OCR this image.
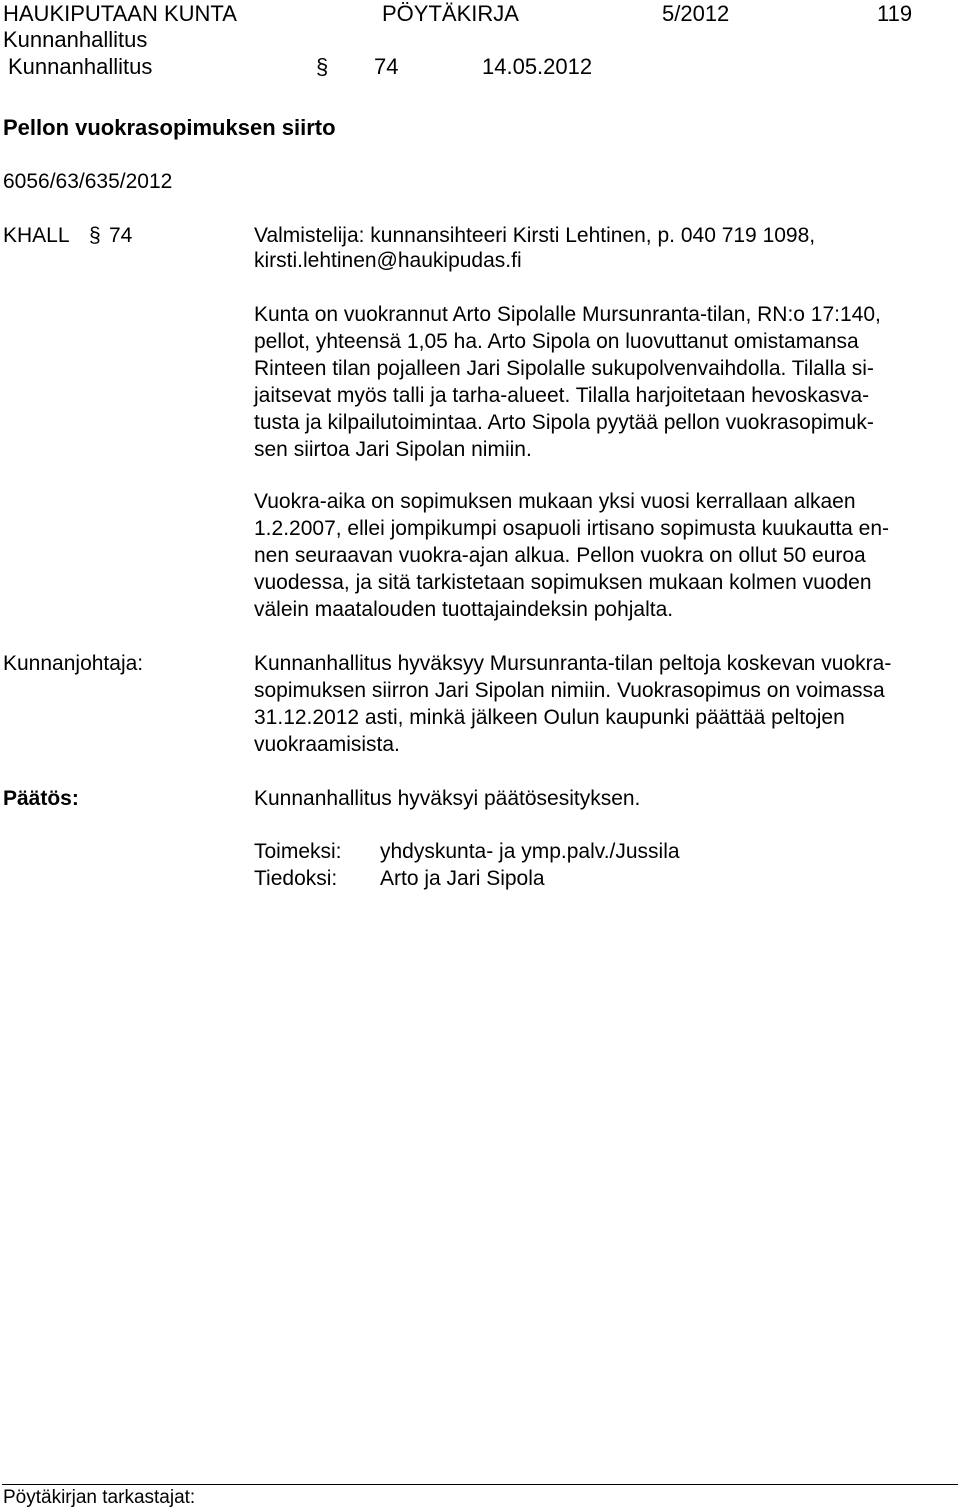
HAUKIPUTAAN KUNTA	PÖYTÄKIRJA	5/2012	119
Kunnanhallitus
Kunnanhallitus	§ 74	14.05.2012
Pellon vuokrasopimuksen siirto
6056/63/635/2012
KHALL § 74	Valmistelija: kunnansihteeri Kirsti Lehtinen, p. 040 719 1098,
kirsti.lehtinen@haukipudas.fi
Kunta on vuokrannut Arto Sipolalle Mursunranta-tilan, RN:o 17:140,
pellot, yhteensä 1,05 ha. Arto Sipola on luovuttanut omistamansa
Rinteen tilan pojalleen Jari Sipolalle sukupolvenvaihdolla. Tilalla si-
jaitsevat myös talli ja tarha-alueet. Tilalla harjoitetaan hevoskasva-
tusta ja kilpailutoimintaa. Arto Sipola pyytää pellon vuokrasopimuk-
sen siirtoa Jari Sipolan nimiin.
Vuokra-aika on sopimuksen mukaan yksi vuosi kerrallaan alkaen
1.2.2007, ellei jompikumpi osapuoli irtisano sopimusta kuukautta en-
nen seuraavan vuokra-ajan alkua. Pellon vuokra on ollut 50 euroa
vuodessa, ja sitä tarkistetaan sopimuksen mukaan kolmen vuoden
välein maatalouden tuottajaindeksin pohjalta.
Kunnanjohtaja:	Kunnanhallitus hyväksyy Mursunranta-tilan peltoja koskevan vuokra-
sopimuksen siirron Jari Sipolan nimiin. Vuokrasopimus on voimassa
31.12.2012 asti, minkä jälkeen Oulun kaupunki päättää peltojen
vuokraamisista.
Päätös:	Kunnanhallitus hyväksyi päätösesityksen.
Toimeksi: yhdyskunta- ja ymp.palv./Jussila
Tiedoksi: Arto ja Jari Sipola
Pöytäkirjan tarkastajat:
